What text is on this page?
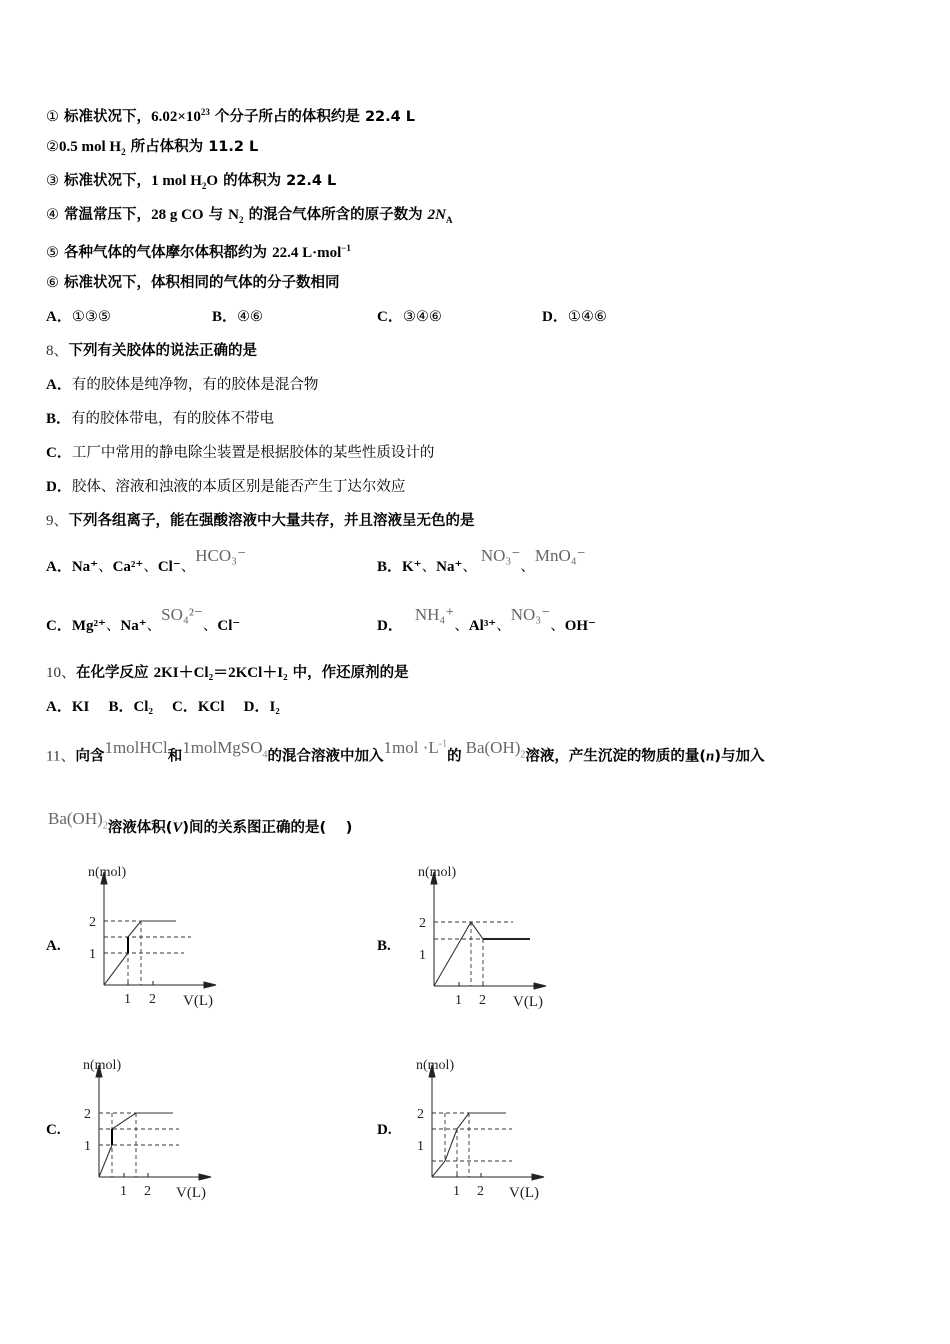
① 标准状况下，$6.02\times 10^{23}$ 个分子所占的体积约是 22.4 L
②0.5 mol $H_2$ 所占体积为 11.2 L
③ 标准状况下，1 mol $H_2O$ 的体积为 22.4 L
④ 常温常压下，28 g CO 与 $N_2$ 的混合气体所含的原子数为 $2N_A$
⑤ 各种气体的气体摩尔体积都约为 22.4 L·mol$^{-1}$
⑥ 标准状况下，体积相同的气体的分子数相同
A．①③⑤	B．④⑥	C．③④⑥	D．①④⑥
8、下列有关胶体的说法正确的是
A．有的胶体是纯净物，有的胶体是混合物
B．有的胶体带电，有的胶体不带电
C．工厂中常用的静电除尘装置是根据胶体的某些性质设计的
D．胶体、溶液和浊液的本质区别是能否产生丁达尔效应
9、下列各组离子，能在强酸溶液中大量共存，并且溶液呈无色的是
A．Na⁺、Ca²⁺、Cl⁻、HCO₃⁻
B．K⁺、Na⁺、NO₃⁻、MnO₄⁻
C．Mg²⁺、Na⁺、SO₄²⁻、Cl⁻	D．NH₄⁺、Al³⁺、NO₃⁻、OH⁻
10、在化学反应 2KI＋Cl₂＝2KCl＋I₂ 中，作还原剂的是
A．KI B．Cl₂ C．KCl D．I₂
11、向含1molHCl和1molMgSO$_4$的混合溶液中加入$1mol \cdot L^{-1}$的 $Ba(OH)_2$溶液，产生沉淀的物质的量(n)与加入
$Ba(OH)_2$溶液体积(V)间的关系图正确的是(　 )
A.	B.
C.	D.
n(mol)
2
1
1 2 V(L)
n(mol)
2
1
1 2 V(L)
n(mol)
2
1
1 2 V(L)
n(mol)
2
1
1 2 V(L)
